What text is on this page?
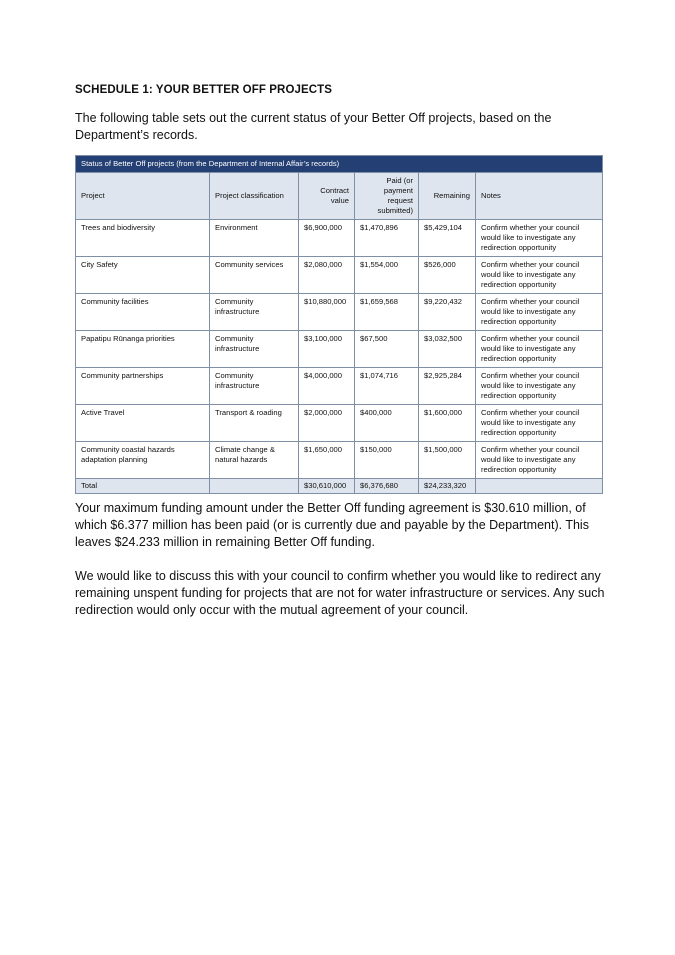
SCHEDULE 1: YOUR BETTER OFF PROJECTS
The following table sets out the current status of your Better Off projects, based on the Department’s records.
Status of Better Off projects (from the Department of Internal Affair’s records)					
Project	Project classification	Contract value	Paid (or payment request submitted)	Remaining	Notes
Trees and biodiversity	Environment	$6,900,000	$1,470,896	$5,429,104	Confirm whether your council would like to investigate any redirection opportunity
City Safety	Community services	$2,080,000	$1,554,000	$526,000	Confirm whether your council would like to investigate any redirection opportunity
Community facilities	Community infrastructure	$10,880,000	$1,659,568	$9,220,432	Confirm whether your council would like to investigate any redirection opportunity
Papatipu Rūnanga priorities	Community infrastructure	$3,100,000	$67,500	$3,032,500	Confirm whether your council would like to investigate any redirection opportunity
Community partnerships	Community infrastructure	$4,000,000	$1,074,716	$2,925,284	Confirm whether your council would like to investigate any redirection opportunity
Active Travel	Transport & roading	$2,000,000	$400,000	$1,600,000	Confirm whether your council would like to investigate any redirection opportunity
Community coastal hazards adaptation planning	Climate change & natural hazards	$1,650,000	$150,000	$1,500,000	Confirm whether your council would like to investigate any redirection opportunity
Total		$30,610,000	$6,376,680	$24,233,320	
Your maximum funding amount under the Better Off funding agreement is $30.610 million, of which $6.377 million has been paid (or is currently due and payable by the Department). This leaves $24.233 million in remaining Better Off funding.
We would like to discuss this with your council to confirm whether you would like to redirect any remaining unspent funding for projects that are not for water infrastructure or services. Any such redirection would only occur with the mutual agreement of your council.
